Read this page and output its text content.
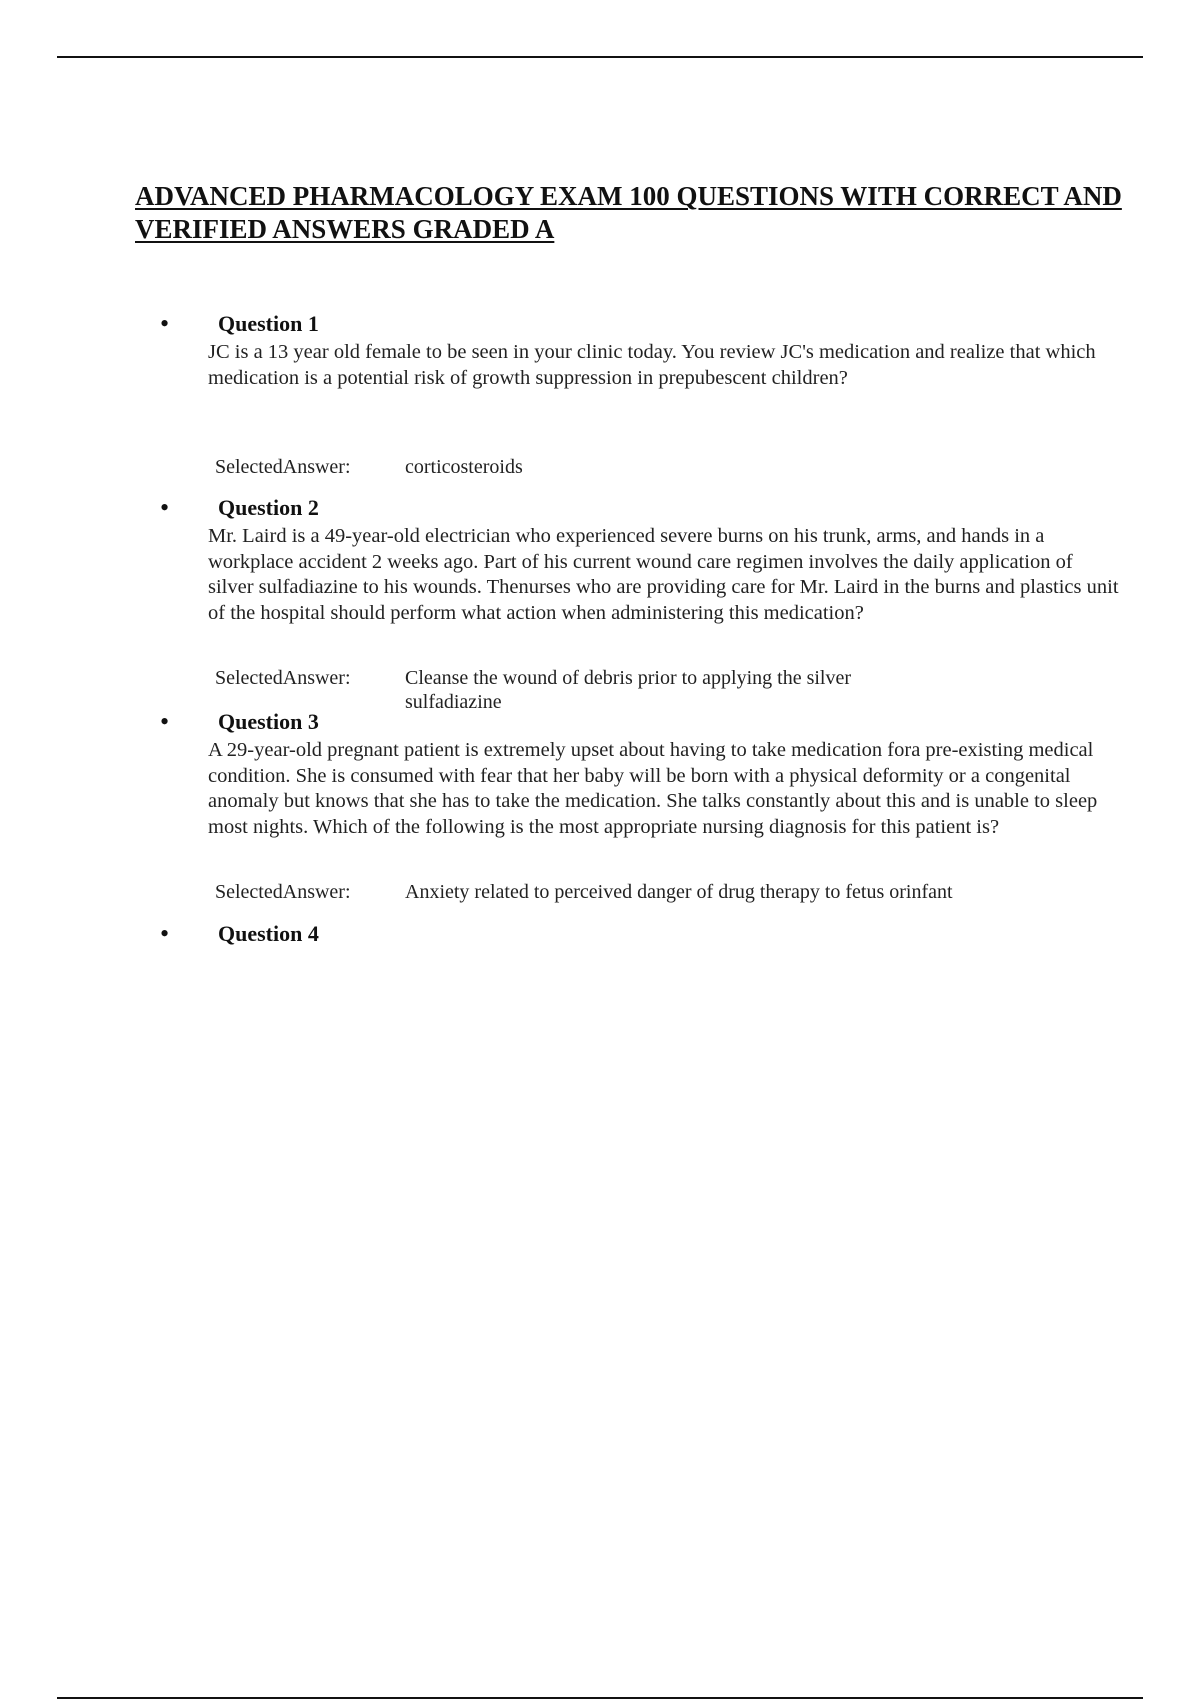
ADVANCED PHARMACOLOGY EXAM 100 QUESTIONS WITH CORRECT AND VERIFIED ANSWERS GRADED A
• Question 1
JC is a 13 year old female to be seen in your clinic today. You review JC's medication and realize that which medication is a potential risk of growth suppression in prepubescent children?
SelectedAnswer:	corticosteroids
• Question 2
Mr. Laird is a 49-year-old electrician who experienced severe burns on his trunk, arms, and hands in a workplace accident 2 weeks ago. Part of his current wound care regimen involves the daily application of silver sulfadiazine to his wounds. Thenurses who are providing care for Mr. Laird in the burns and plastics unit of the hospital should perform what action when administering this medication?
SelectedAnswer:	Cleanse the wound of debris prior to applying the silver sulfadiazine
• Question 3
A 29-year-old pregnant patient is extremely upset about having to take medication fora pre-existing medical condition. She is consumed with fear that her baby will be born with a physical deformity or a congenital anomaly but knows that she has to take the medication. She talks constantly about this and is unable to sleep most nights. Which of the following is the most appropriate nursing diagnosis for this patient is?
SelectedAnswer:	Anxiety related to perceived danger of drug therapy to fetus orinfant
• Question 4
